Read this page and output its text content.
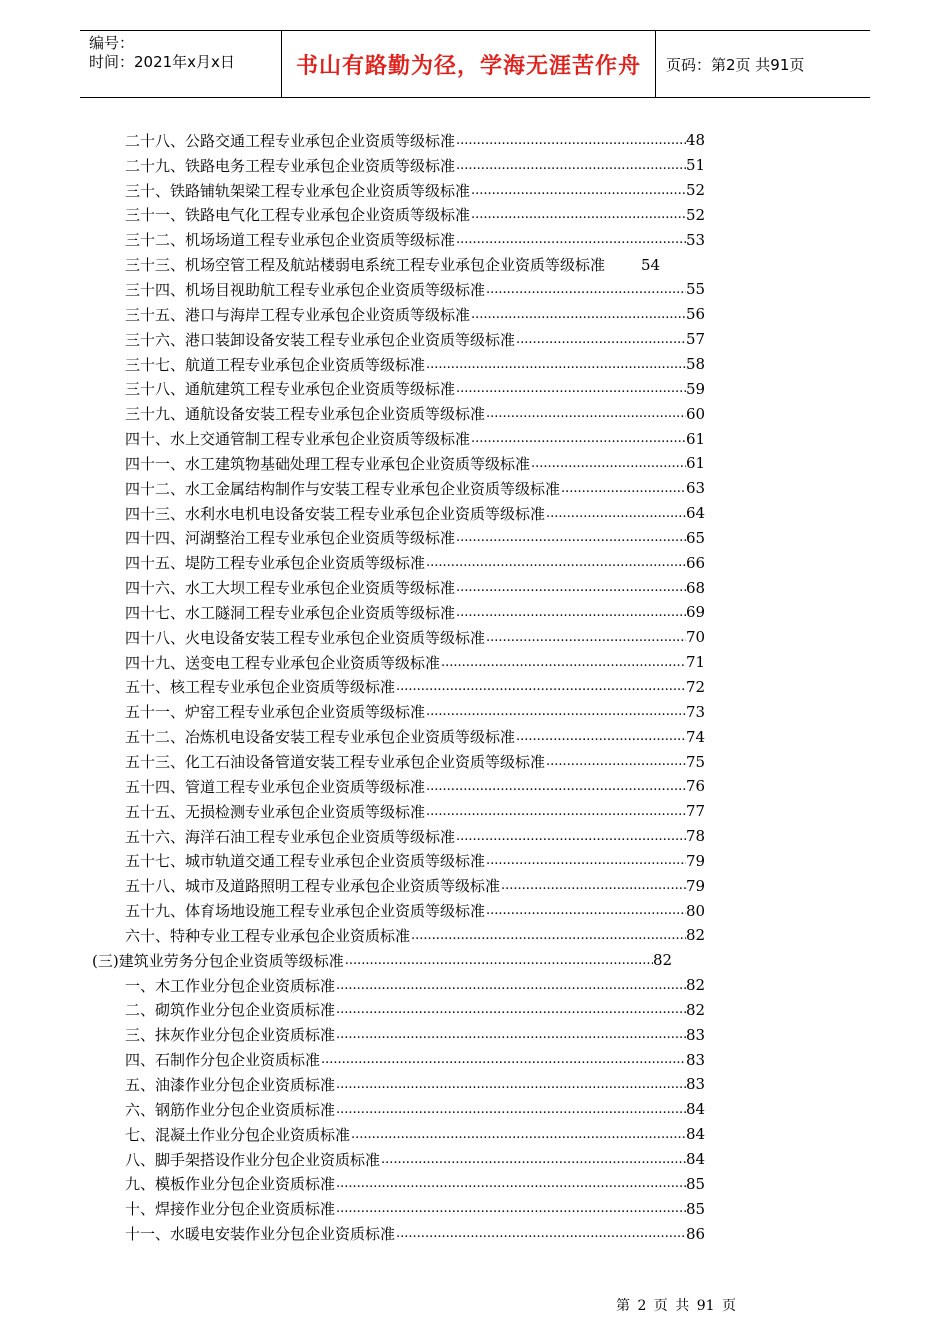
编号：
时间：2021年x月x日	书山有路勤为径，学海无涯苦作舟	页码：第2页 共91页
二十八、公路交通工程专业承包企业资质等级标准 .....	48
二十九、铁路电务工程专业承包企业资质等级标准 .....	51
三十、铁路铺轨架梁工程专业承包企业资质等级标准 .....	52
三十一、铁路电气化工程专业承包企业资质等级标准 .....	52
三十二、机场场道工程专业承包企业资质等级标准 .....	53
三十三、机场空管工程及航站楼弱电系统工程专业承包企业资质等级标准 54
三十四、机场目视助航工程专业承包企业资质等级标准 .....	55
三十五、港口与海岸工程专业承包企业资质等级标准 .....	56
三十六、港口装卸设备安装工程专业承包企业资质等级标准 .....	57
三十七、航道工程专业承包企业资质等级标准 .....	58
三十八、通航建筑工程专业承包企业资质等级标准 .....	59
三十九、通航设备安装工程专业承包企业资质等级标准 .....	60
四十、水上交通管制工程专业承包企业资质等级标准 .....	61
四十一、水工建筑物基础处理工程专业承包企业资质等级标准 .....	61
四十二、水工金属结构制作与安装工程专业承包企业资质等级标准 .....	63
四十三、水利水电机电设备安装工程专业承包企业资质等级标准 .....	64
四十四、河湖整治工程专业承包企业资质等级标准 .....	65
四十五、堤防工程专业承包企业资质等级标准 .....	66
四十六、水工大坝工程专业承包企业资质等级标准 .....	68
四十七、水工隧洞工程专业承包企业资质等级标准 .....	69
四十八、火电设备安装工程专业承包企业资质等级标准 .....	70
四十九、送变电工程专业承包企业资质等级标准 .....	71
五十、核工程专业承包企业资质等级标准 .....	72
五十一、炉窑工程专业承包企业资质等级标准 .....	73
五十二、冶炼机电设备安装工程专业承包企业资质等级标准 .....	74
五十三、化工石油设备管道安装工程专业承包企业资质等级标准 .....	75
五十四、管道工程专业承包企业资质等级标准 .....	76
五十五、无损检测专业承包企业资质等级标准 .....	77
五十六、海洋石油工程专业承包企业资质等级标准 .....	78
五十七、城市轨道交通工程专业承包企业资质等级标准 .....	79
五十八、城市及道路照明工程专业承包企业资质等级标准 .....	79
五十九、体育场地设施工程专业承包企业资质等级标准 .....	80
六十、特种专业工程专业承包企业资质标准 .....	82
(三)建筑业劳务分包企业资质等级标准 .....	82
一、木工作业分包企业资质标准 .....	82
二、砌筑作业分包企业资质标准 .....	82
三、抹灰作业分包企业资质标准 .....	83
四、石制作分包企业资质标准 .....	83
五、油漆作业分包企业资质标准 .....	83
六、钢筋作业分包企业资质标准 .....	84
七、混凝土作业分包企业资质标准 .....	84
八、脚手架搭设作业分包企业资质标准 .....	84
九、模板作业分包企业资质标准 .....	85
十、焊接作业分包企业资质标准 .....	85
十一、水暖电安装作业分包企业资质标准 .....	86
第 2 页 共 91 页
